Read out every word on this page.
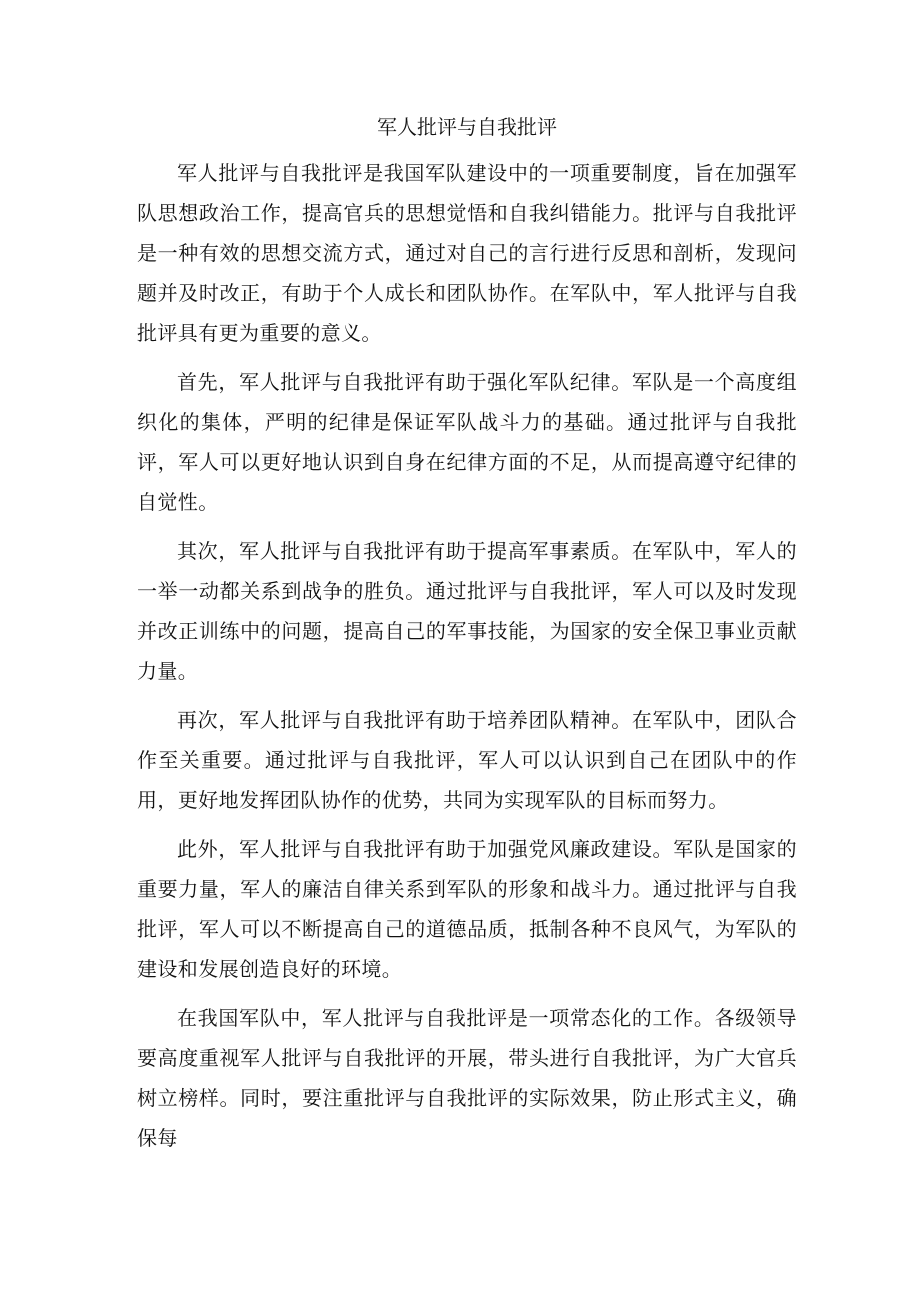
军人批评与自我批评

军人批评与自我批评是我国军队建设中的一项重要制度，旨在加强军队思想政治工作，提高官兵的思想觉悟和自我纠错能力。批评与自我批评是一种有效的思想交流方式，通过对自己的言行进行反思和剖析，发现问题并及时改正，有助于个人成长和团队协作。在军队中，军人批评与自我批评具有更为重要的意义。

首先，军人批评与自我批评有助于强化军队纪律。军队是一个高度组织化的集体，严明的纪律是保证军队战斗力的基础。通过批评与自我批评，军人可以更好地认识到自身在纪律方面的不足，从而提高遵守纪律的自觉性。

其次，军人批评与自我批评有助于提高军事素质。在军队中，军人的一举一动都关系到战争的胜负。通过批评与自我批评，军人可以及时发现并改正训练中的问题，提高自己的军事技能，为国家的安全保卫事业贡献力量。

再次，军人批评与自我批评有助于培养团队精神。在军队中，团队合作至关重要。通过批评与自我批评，军人可以认识到自己在团队中的作用，更好地发挥团队协作的优势，共同为实现军队的目标而努力。

此外，军人批评与自我批评有助于加强党风廉政建设。军队是国家的重要力量，军人的廉洁自律关系到军队的形象和战斗力。通过批评与自我批评，军人可以不断提高自己的道德品质，抵制各种不良风气，为军队的建设和发展创造良好的环境。

在我国军队中，军人批评与自我批评是一项常态化的工作。各级领导要高度重视军人批评与自我批评的开展，带头进行自我批评，为广大官兵树立榜样。同时，要注重批评与自我批评的实际效果，防止形式主义，确保每
